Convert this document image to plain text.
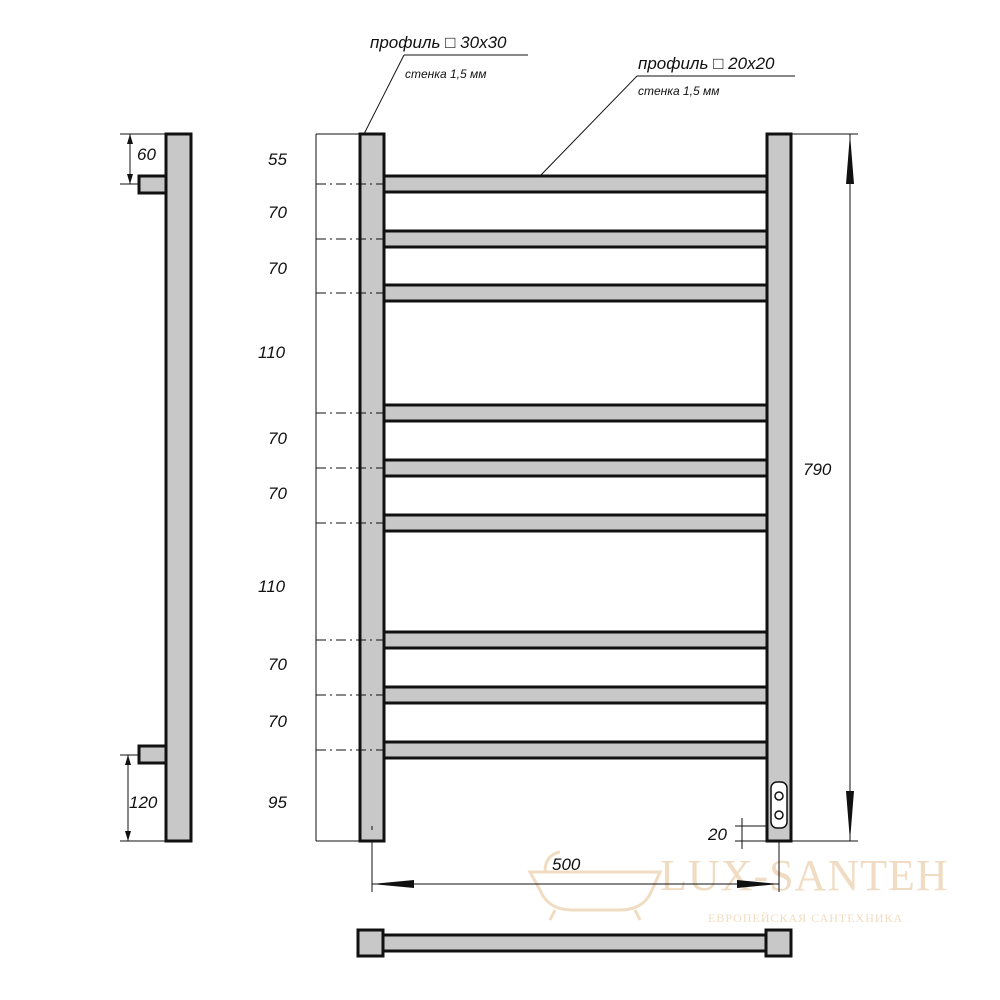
LUX-SANTEH
ЕВРОПЕЙСКАЯ САНТЕХНИКА
60
120
55
70
70
110
70
70
110
70
70
95
790
20
500
профиль □ 30x30
стенка 1,5 мм
профиль □ 20x20
стенка 1,5 мм
